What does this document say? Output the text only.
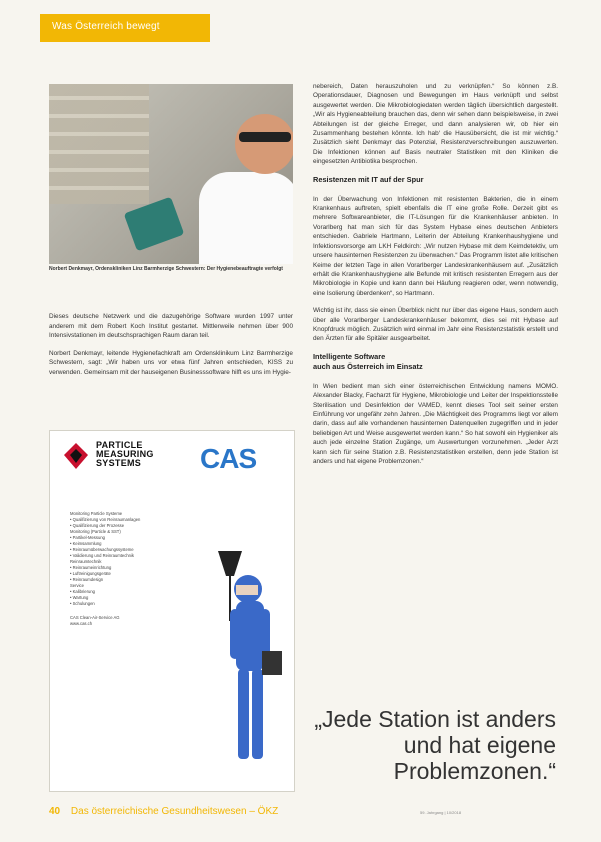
Was Österreich bewegt
Norbert Denkmayr, Ordenskliniken Linz Barmherzige Schwestern: Der Hygienebeauftragte verfolgt

Dieses deutsche Netzwerk und die dazugehörige Software wurden 1997 unter anderem mit dem Robert Koch Institut gestartet. Mittlerweile nehmen über 900 Intensivstationen im deutschsprachigen Raum daran teil.

Norbert Denkmayr, leitende Hygienefachkraft am Ordensklinikum Linz Barmherzige Schwestern, sagt: „Wir haben uns vor etwa fünf Jahren entschieden, KISS zu verwenden. Gemeinsam mit der hauseigenen Businesssoftware hilft es uns im Hygie-

nebereich, Daten herauszuholen und zu verknüpfen.“ So können z.B. Operationsdauer, Diagnosen und Bewegungen im Haus verknüpft und selbst ausgewertet werden. Die Mikrobiologiedaten werden täglich übersichtlich dargestellt. „Wir als Hygieneabteilung brauchen das, denn wir sehen dann beispielsweise, in zwei Abteilungen ist der gleiche Erreger, und dann analysieren wir, ob hier ein Zusammenhang bestehen könnte. Ich hab‘ die Hausübersicht, die ist mir wichtig.“ Zusätzlich sieht Denkmayr das Potenzial, Resistenzverschreibungen auszuwerten. Die Infektionen können auf Basis neutraler Statistiken mit den Kliniken die eingesetzten Antibiotika besprochen.

Resistenzen mit IT auf der Spur

In der Überwachung von Infektionen mit resistenten Bakterien, die in einem Krankenhaus auftreten, spielt ebenfalls die IT eine große Rolle. Derzeit gibt es mehrere Softwareanbieter, die IT-Lösungen für die Krankenhäuser anbieten. In Vorarlberg hat man sich für das System Hybase eines deutschen Anbieters entschieden. Gabriele Hartmann, Leiterin der Abteilung Krankenhaushygiene und Infektionsvorsorge am LKH Feldkirch: „Wir nutzen Hybase mit dem Keimdetektiv, um unsere hausinternen Resistenzen zu überwachen.“ Das Programm listet alle kritischen Keime der letzten Tage in allen Vorarlberger Landeskrankenhäusern auf. „Zusätzlich erhält die Krankenhaushygiene alle Befunde mit kritisch resistenten Erregern aus der Mikrobiologie in Kopie und kann dann bei Häufung reagieren oder, wenn notwendig, eine Isolierung überdenken“, so Hartmann.

Wichtig ist ihr, dass sie einen Überblick nicht nur über das eigene Haus, sondern auch über alle Vorarlberger Landeskrankenhäuser bekommt, dies sei mit Hybase auf Knopfdruck möglich. Zusätzlich wird einmal im Jahr eine Resistenzstatistik erstellt und den Ärzten für alle Spitäler ausgearbeitet.

Intelligente Software
auch aus Österreich im Einsatz

In Wien bedient man sich einer österreichischen Entwicklung namens MOMO. Alexander Blacky, Facharzt für Hygiene, Mikrobiologie und Leiter der Inspektionsstelle Sterilisation und Desinfektion der VAMED, kennt dieses Tool seit seiner ersten Einführung vor ungefähr zehn Jahren. „Die Mächtigkeit des Programms liegt vor allem darin, dass auf alle vorhandenen hausinternen Datenquellen zugegriffen und in jeder beliebigen Art und Weise ausgewertet werden kann.“ So hat sowohl ein Hygieniker als auch jede einzelne Station Zugänge, um Auswertungen vorzunehmen. „Jeder Arzt kann sich für seine Station z.B. Resistenzstatistiken erstellen, denn jede Station ist anders und hat eigene Problemzonen.“

PARTICLE
MEASURING
SYSTEMS	CAS
Monitoring Particle Systeme
• Qualifizierung von Reinraumanlagen
• Qualifizierung der Prozesse
Monitoring (Particle & SST)
• Partikel-Messung
• Keimsammlung
• Reinraumüberwachungssysteme
• Validierung und Reinraumtechnik
Reinraumtechnik
• Reinraumeinrichtung
• Luftreinigungsgeräte
• Reinraumdesign
Service
• Kalibrierung
• Wartung
• Schulungen
CAS Clean-Air-Service AG
www.cas.ch
„Jede Station ist anders und hat eigene Problemzonen.“
40 Das österreichische Gesundheitswesen – ÖKZ	59. Jahrgang | 10/2018
